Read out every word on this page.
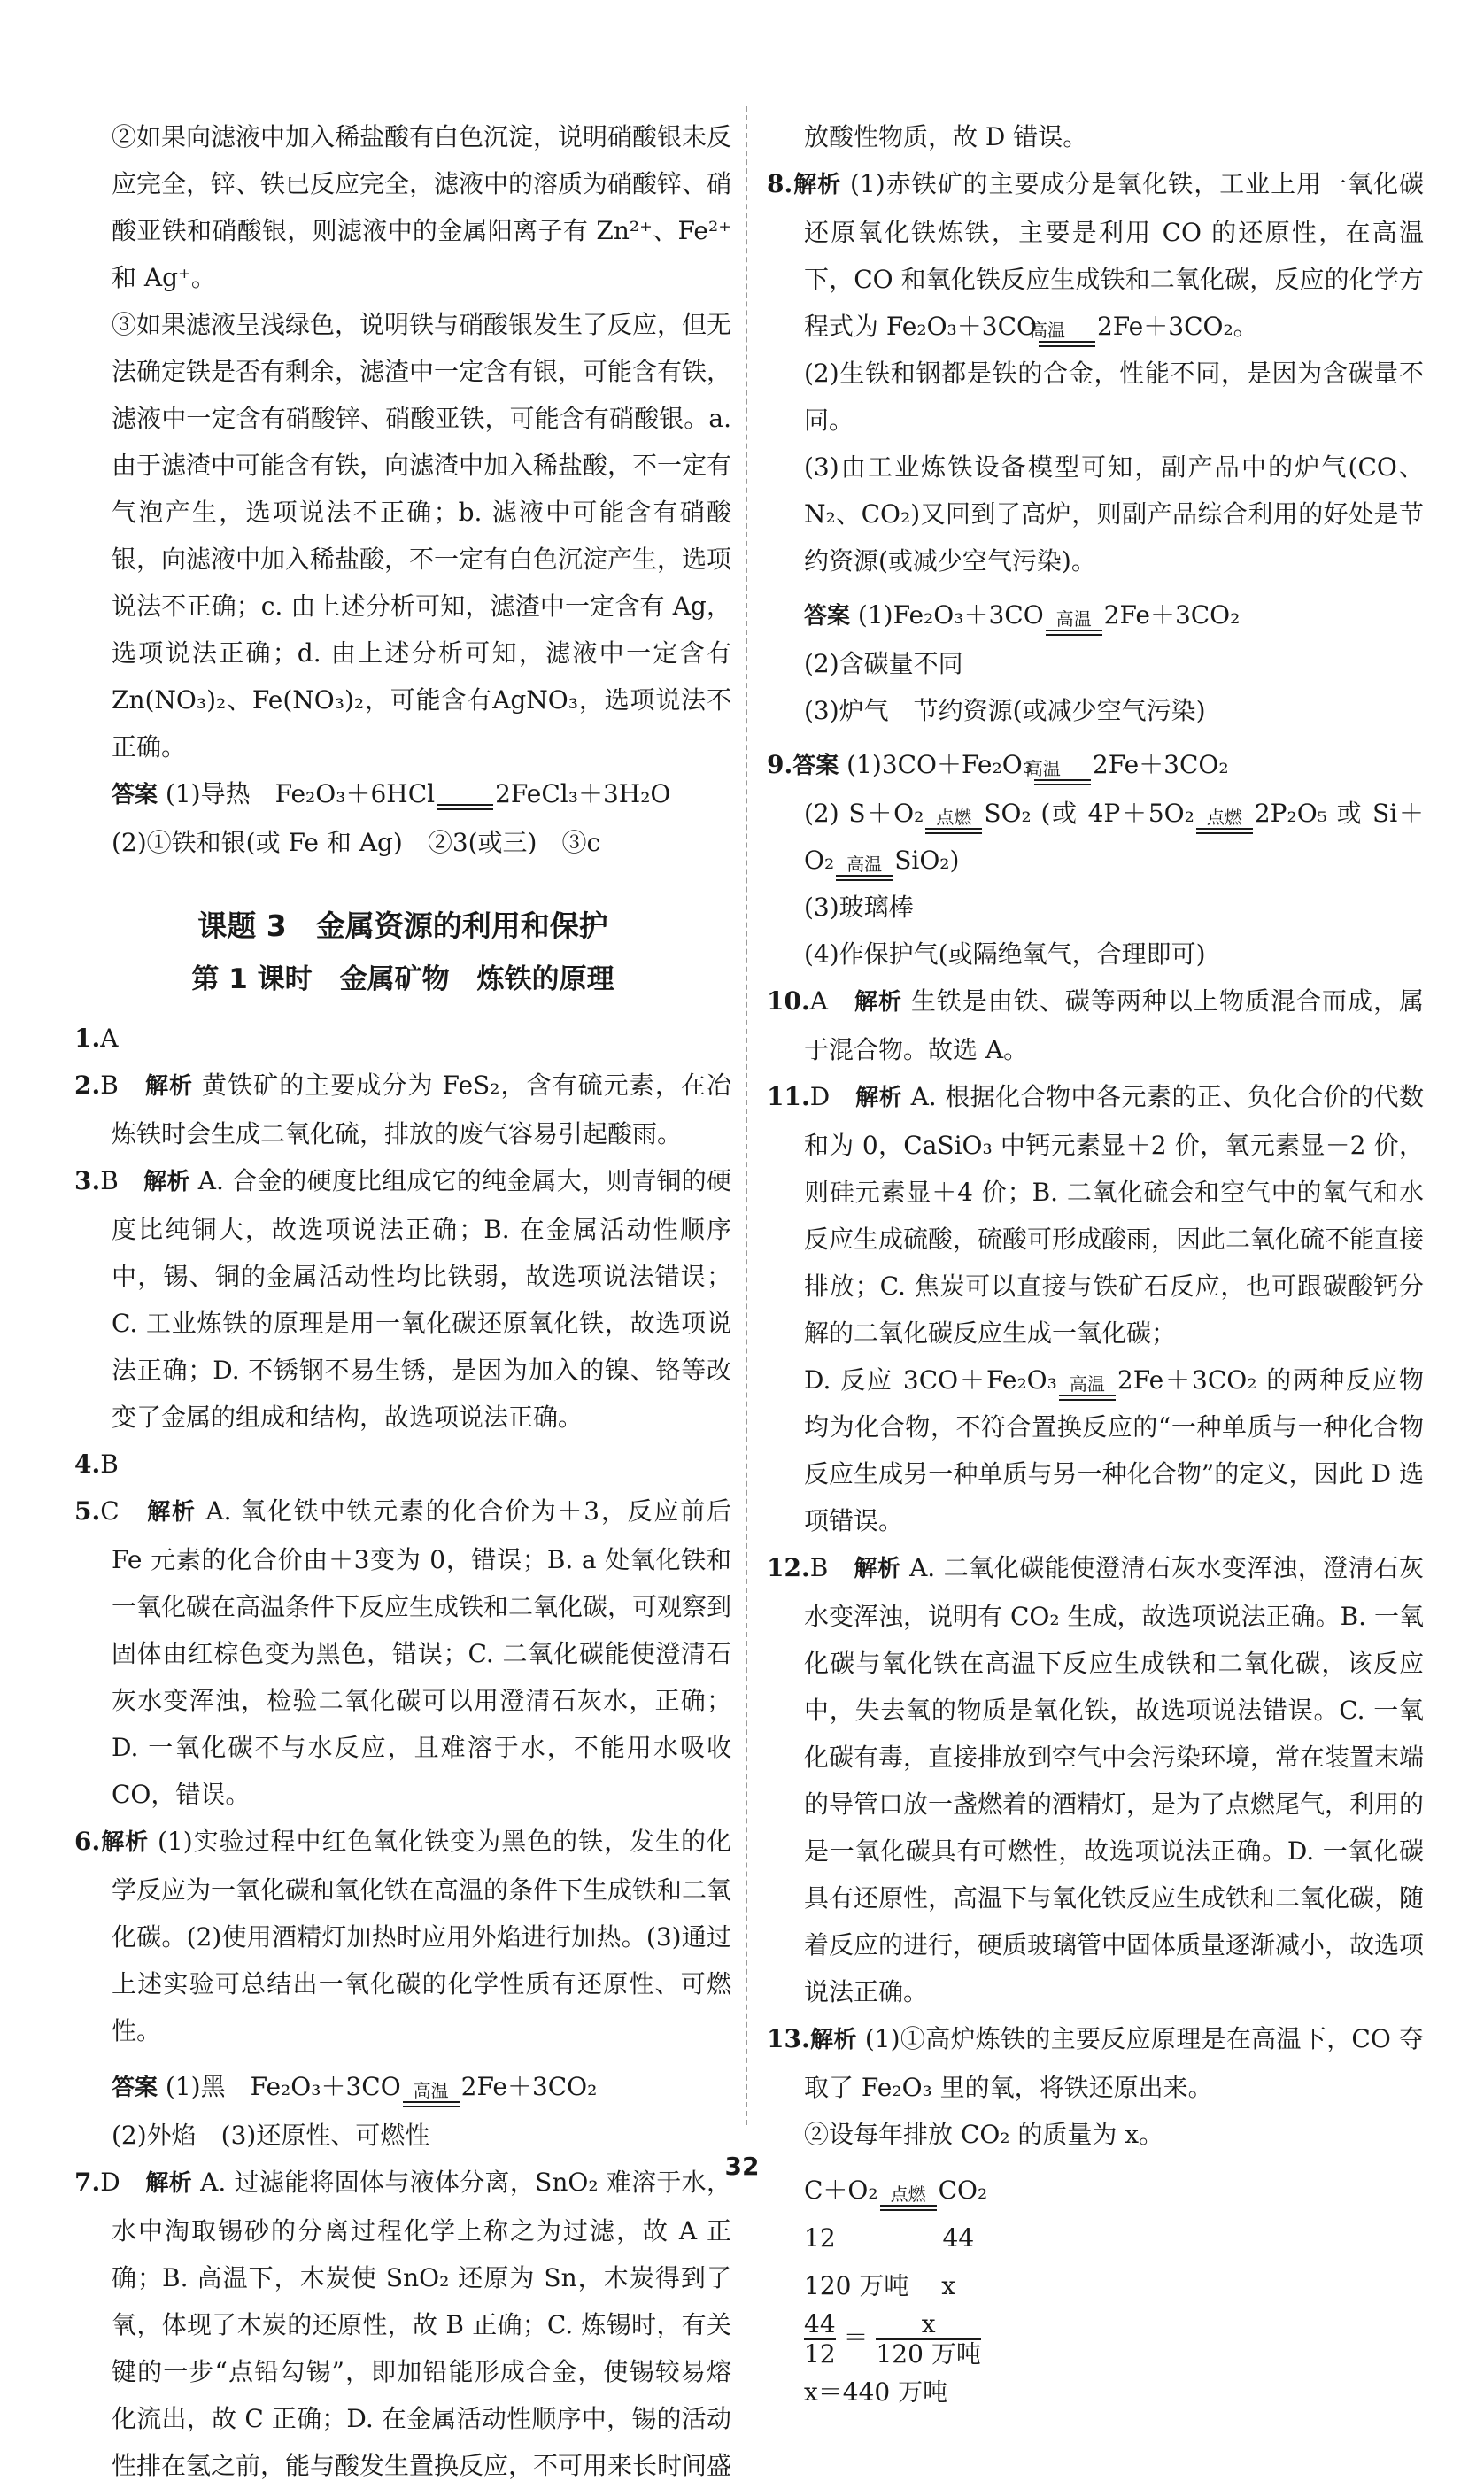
②如果向滤液中加入稀盐酸有白色沉淀，说明硝酸银未反应完全，锌、铁已反应完全，滤液中的溶质为硝酸锌、硝酸亚铁和硝酸银，则滤液中的金属阳离子有 Zn²⁺、Fe²⁺ 和 Ag⁺。

③如果滤液呈浅绿色，说明铁与硝酸银发生了反应，但无法确定铁是否有剩余，滤渣中一定含有银，可能含有铁，滤液中一定含有硝酸锌、硝酸亚铁，可能含有硝酸银。a. 由于滤渣中可能含有铁，向滤渣中加入稀盐酸，不一定有气泡产生，选项说法不正确；b. 滤液中可能含有硝酸银，向滤液中加入稀盐酸，不一定有白色沉淀产生，选项说法不正确；c. 由上述分析可知，滤渣中一定含有 Ag，选项说法正确；d. 由上述分析可知，滤液中一定含有Zn(NO₃)₂、Fe(NO₃)₂，可能含有AgNO₃，选项说法不正确。

答案 (1)导热　Fe₂O₃＋6HCl 2FeCl₃＋3H₂O

(2)①铁和银(或 Fe 和 Ag)　②3(或三)　③c

课题 3　金属资源的利用和保护
第 1 课时　金属矿物　炼铁的原理

1.A

2.B　解析 黄铁矿的主要成分为 FeS₂，含有硫元素，在冶炼铁时会生成二氧化硫，排放的废气容易引起酸雨。

3.B　解析 A. 合金的硬度比组成它的纯金属大，则青铜的硬度比纯铜大，故选项说法正确；B. 在金属活动性顺序中，锡、铜的金属活动性均比铁弱，故选项说法错误；C. 工业炼铁的原理是用一氧化碳还原氧化铁，故选项说法正确；D. 不锈钢不易生锈，是因为加入的镍、铬等改变了金属的组成和结构，故选项说法正确。

4.B

5.C　解析 A. 氧化铁中铁元素的化合价为＋3，反应前后 Fe 元素的化合价由＋3变为 0，错误；B. a 处氧化铁和一氧化碳在高温条件下反应生成铁和二氧化碳，可观察到固体由红棕色变为黑色，错误；C. 二氧化碳能使澄清石灰水变浑浊，检验二氧化碳可以用澄清石灰水，正确；D. 一氧化碳不与水反应，且难溶于水，不能用水吸收 CO，错误。

6.解析 (1)实验过程中红色氧化铁变为黑色的铁，发生的化学反应为一氧化碳和氧化铁在高温的条件下生成铁和二氧化碳。(2)使用酒精灯加热时应用外焰进行加热。(3)通过上述实验可总结出一氧化碳的化学性质有还原性、可燃性。

答案 (1)黑　Fe₂O₃＋3CO 高温 2Fe＋3CO₂

(2)外焰　(3)还原性、可燃性

7.D　解析 A. 过滤能将固体与液体分离，SnO₂ 难溶于水，水中淘取锡砂的分离过程化学上称之为过滤，故 A 正确；B. 高温下，木炭使 SnO₂ 还原为 Sn，木炭得到了氧，体现了木炭的还原性，故 B 正确；C. 炼锡时，有关键的一步“点铅勾锡”，即加铅能形成合金，使锡较易熔化流出，故 C 正确；D. 在金属活动性顺序中，锡的活动性排在氢之前，能与酸发生置换反应，不可用来长时间盛

放酸性物质，故 D 错误。

8.解析 (1)赤铁矿的主要成分是氧化铁，工业上用一氧化碳还原氧化铁炼铁，主要是利用 CO 的还原性，在高温下，CO 和氧化铁反应生成铁和二氧化碳，反应的化学方程式为 Fe₂O₃＋3CO
高温 2Fe＋3CO₂。

(2)生铁和钢都是铁的合金，性能不同，是因为含碳量不同。

(3)由工业炼铁设备模型可知，副产品中的炉气(CO、N₂、CO₂)又回到了高炉，则副产品综合利用的好处是节约资源(或减少空气污染)。

答案 (1)Fe₂O₃＋3CO 高温 2Fe＋3CO₂

(2)含碳量不同

(3)炉气　节约资源(或减少空气污染)

9.答案 (1)3CO＋Fe₂O₃
高温 2Fe＋3CO₂

(2) S＋O₂ 点燃 SO₂ (或 4P＋5O₂ 点燃 2P₂O₅ 或 Si＋O₂ 高温 SiO₂)

(3)玻璃棒

(4)作保护气(或隔绝氧气，合理即可)

10.A　解析 生铁是由铁、碳等两种以上物质混合而成，属于混合物。故选 A。

11.D　解析 A. 根据化合物中各元素的正、负化合价的代数和为 0，CaSiO₃ 中钙元素显＋2 价，氧元素显－2 价，则硅元素显＋4 价；B. 二氧化硫会和空气中的氧气和水反应生成硫酸，硫酸可形成酸雨，因此二氧化硫不能直接排放；C. 焦炭可以直接与铁矿石反应，也可跟碳酸钙分解的二氧化碳反应生成一氧化碳；

D. 反应 3CO＋Fe₂O₃ 高温 2Fe＋3CO₂ 的两种反应物均为化合物，不符合置换反应的“一种单质与一种化合物反应生成另一种单质与另一种化合物”的定义，因此 D 选项错误。

12.B　解析 A. 二氧化碳能使澄清石灰水变浑浊，澄清石灰水变浑浊，说明有 CO₂ 生成，故选项说法正确。B. 一氧化碳与氧化铁在高温下反应生成铁和二氧化碳，该反应中，失去氧的物质是氧化铁，故选项说法错误。C. 一氧化碳有毒，直接排放到空气中会污染环境，常在装置末端的导管口放一盏燃着的酒精灯，是为了点燃尾气，利用的是一氧化碳具有可燃性，故选项说法正确。D. 一氧化碳具有还原性，高温下与氧化铁反应生成铁和二氧化碳，随着反应的进行，硬质玻璃管中固体质量逐渐减小，故选项说法正确。

13.解析 (1)①高炉炼铁的主要反应原理是在高温下，CO 夺取了 Fe₂O₃ 里的氧，将铁还原出来。

②设每年排放 CO₂ 的质量为 x。

C＋O₂ 点燃 CO₂
12　　　　 44
120 万吨　 x
$\frac{44}{12} = \frac{x}{\text{120 万吨}}$
x＝440 万吨
32
